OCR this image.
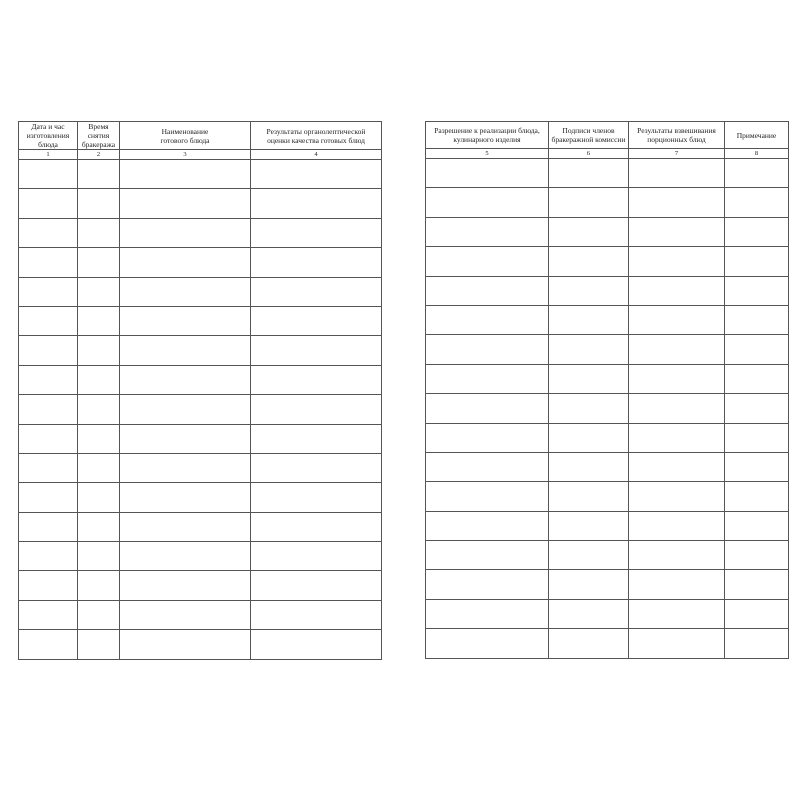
Дата и час
изготовления
блюда	Время
снятия
бракеража	Наименование
готового блюда	Результаты органолептической
оценки качества готовых блюд
1	2	3	4

Разрешение к реализации блюда,
кулинарного изделия	Подписи членов
бракеражной комиссии	Результаты взвешивания
порционных блюд	Примечание
5	6	7	8
